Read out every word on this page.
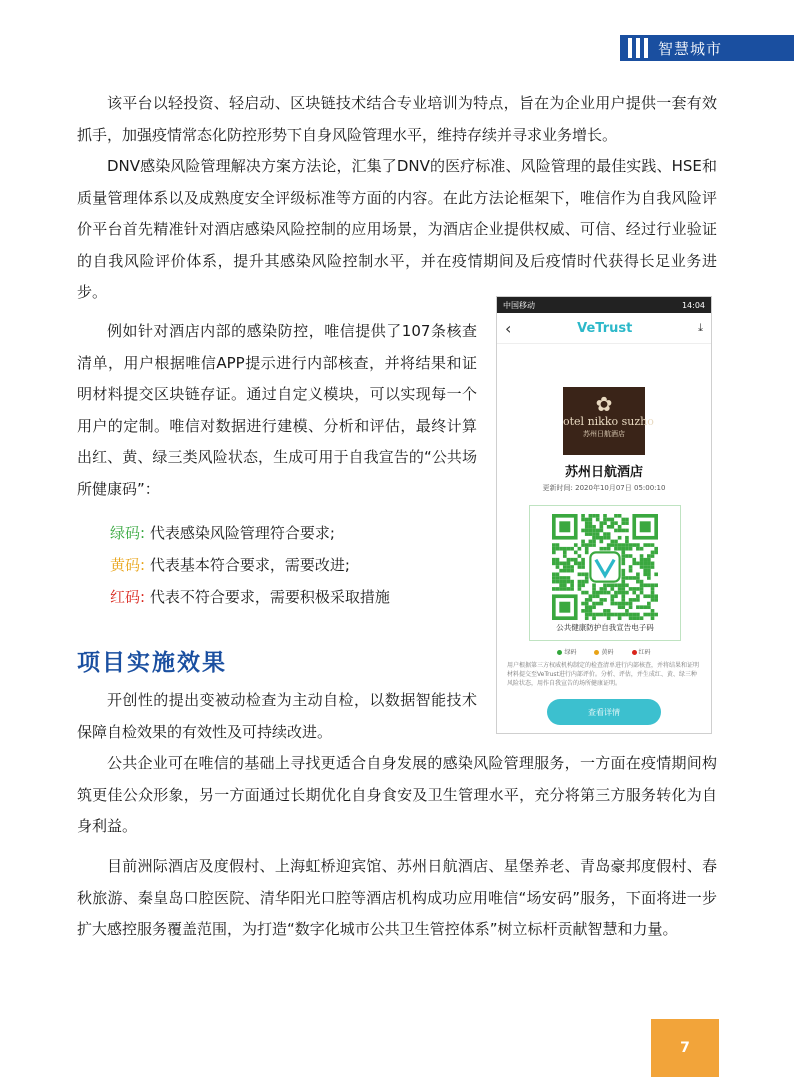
智慧城市

该平台以轻投资、轻启动、区块链技术结合专业培训为特点，旨在为企业用户提供一套有效抓手，加强疫情常态化防控形势下自身风险管理水平，维持存续并寻求业务增长。

DNV感染风险管理解决方案方法论，汇集了DNV的医疗标准、风险管理的最佳实践、HSE和质量管理体系以及成熟度安全评级标准等方面的内容。在此方法论框架下，唯信作为自我风险评价平台首先精准针对酒店感染风险控制的应用场景，为酒店企业提供权威、可信、经过行业验证的自我风险评价体系，提升其感染风险控制水平，并在疫情期间及后疫情时代获得长足业务进步。

例如针对酒店内部的感染防控，唯信提供了107条核查清单，用户根据唯信APP提示进行内部核查，并将结果和证明材料提交区块链存证。通过自定义模块，可以实现每一个用户的定制。唯信对数据进行建模、分析和评估，最终计算出红、黄、绿三类风险状态，生成可用于自我宣告的“公共场所健康码”：

绿码: 代表感染风险管理符合要求;
黄码: 代表基本符合要求，需要改进;
红码: 代表不符合要求，需要积极采取措施
项目实施效果

开创性的提出变被动检查为主动自检，以数据智能技术保障自检效果的有效性及可持续改进。

公共企业可在唯信的基础上寻找更适合自身发展的感染风险管理服务，一方面在疫情期间构筑更佳公众形象，另一方面通过长期优化自身食安及卫生管理水平，充分将第三方服务转化为自身利益。

目前洲际酒店及度假村、上海虹桥迎宾馆、苏州日航酒店、星堡养老、青岛豪邦度假村、春秋旅游、秦皇岛口腔医院、清华阳光口腔等酒店机构成功应用唯信“场安码”服务，下面将进一步扩大感控服务覆盖范围，为打造“数字化城市公共卫生管控体系”树立标杆贡献智慧和力量。

中国移动	14:04
‹	VeTrust	⤓
✿
otel nikko suzho
苏州日航酒店
苏州日航酒店
更新时间: 2020年10月07日 05:00:10
公共健康防护自我宣告电子码
绿码	黄码	红码

用户根据第三方权威机构制定的检查清单进行内部核查，并将结果和证明材料提交至VeTrust进行内部评价。分析、评估，并生成红、黄、绿三种风险状态，用作自我宣告的场所健康证明。

查看详情
7
